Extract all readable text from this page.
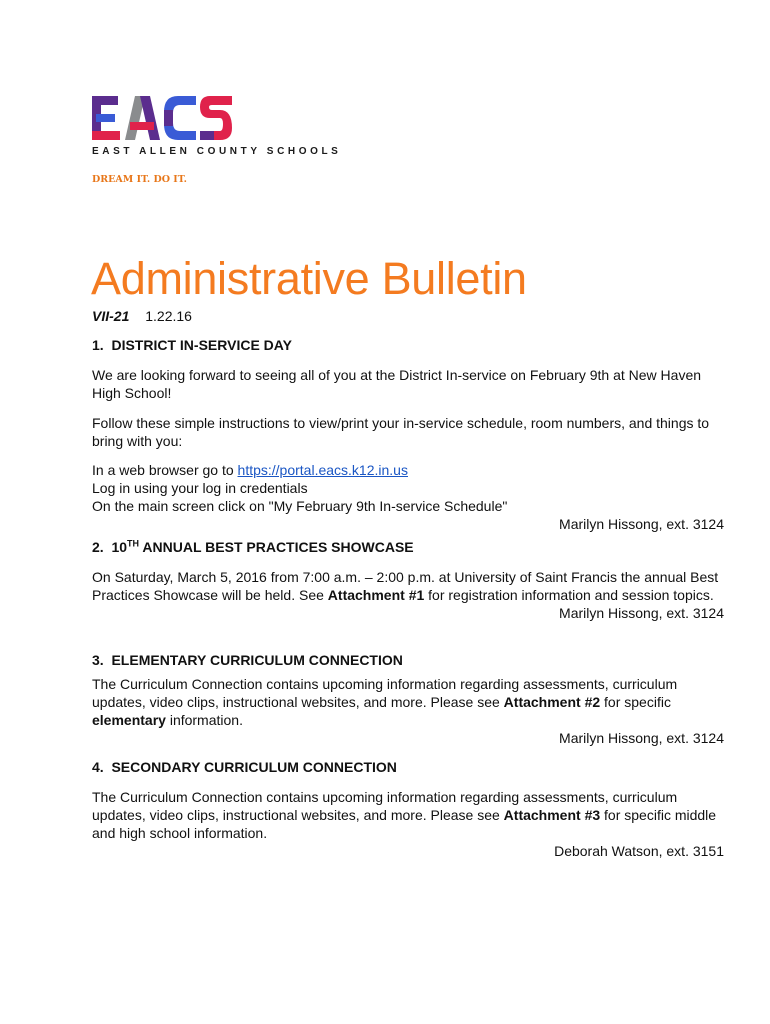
EAST ALLEN COUNTY SCHOOLS
DREAM IT. DO IT.
Administrative Bulletin
VII-21 1.22.16
1. DISTRICT IN-SERVICE DAY
We are looking forward to seeing all of you at the District In-service on February 9th at New Haven High School!
Follow these simple instructions to view/print your in-service schedule, room numbers, and things to bring with you:
In a web browser go to https://portal.eacs.k12.in.us
Log in using your log in credentials
On the main screen click on "My February 9th In-service Schedule"
Marilyn Hissong, ext. 3124
2. 10TH ANNUAL BEST PRACTICES SHOWCASE
On Saturday, March 5, 2016 from 7:00 a.m. – 2:00 p.m. at University of Saint Francis the annual Best Practices Showcase will be held. See Attachment #1 for registration information and session topics.
Marilyn Hissong, ext. 3124
3. ELEMENTARY CURRICULUM CONNECTION
The Curriculum Connection contains upcoming information regarding assessments, curriculum updates, video clips, instructional websites, and more. Please see Attachment #2 for specific elementary information.
Marilyn Hissong, ext. 3124
4. SECONDARY CURRICULUM CONNECTION
The Curriculum Connection contains upcoming information regarding assessments, curriculum updates, video clips, instructional websites, and more. Please see Attachment #3 for specific middle and high school information.
Deborah Watson, ext. 3151
